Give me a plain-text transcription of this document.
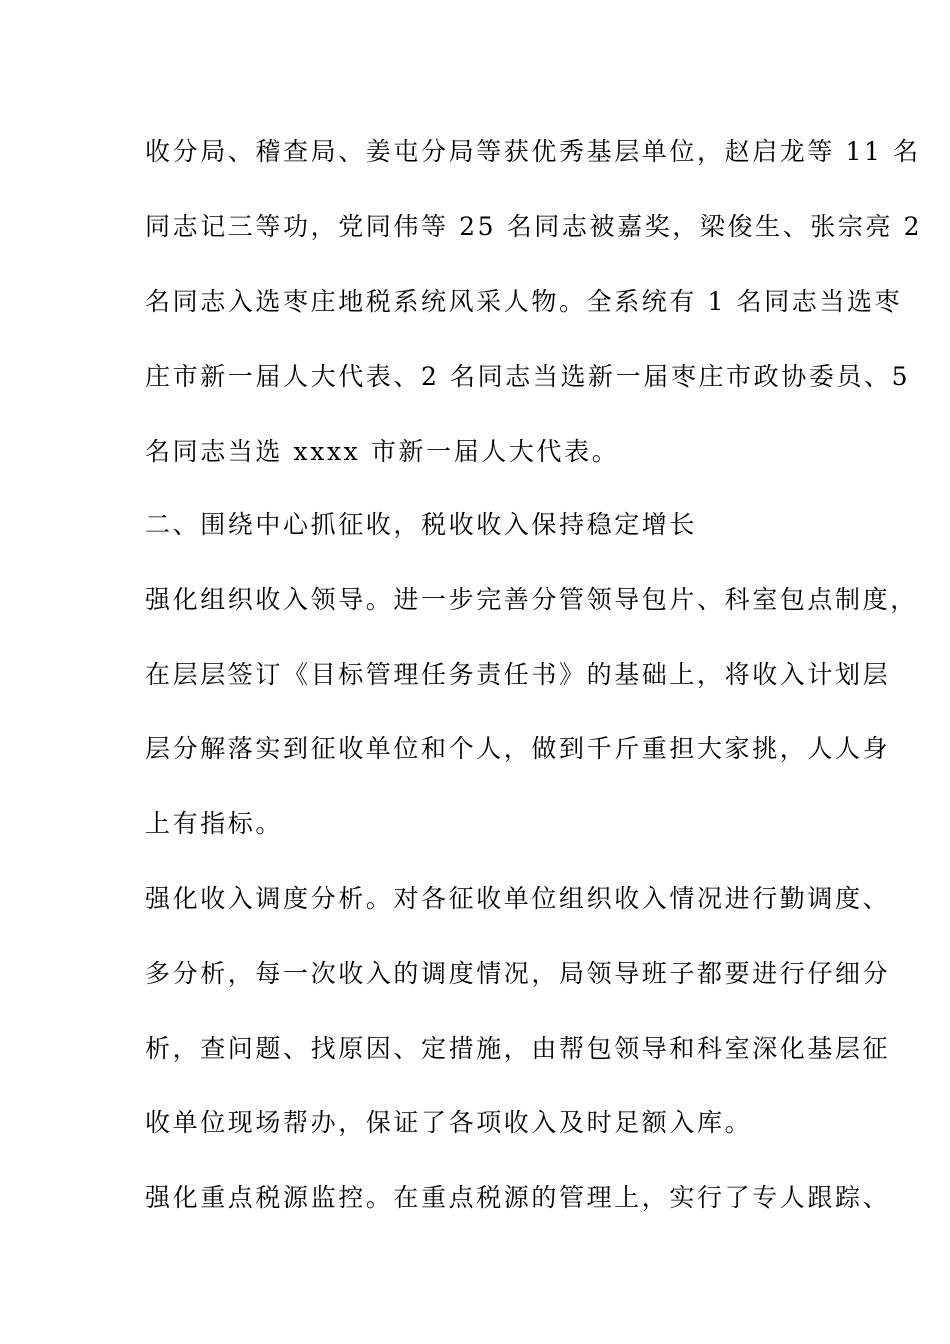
收分局、稽查局、姜屯分局等获优秀基层单位，赵启龙等 11 名
同志记三等功，党同伟等 25 名同志被嘉奖，梁俊生、张宗亮 2
名同志入选枣庄地税系统风采人物。全系统有 1 名同志当选枣
庄市新一届人大代表、2 名同志当选新一届枣庄市政协委员、5
名同志当选 xxxx 市新一届人大代表。
二、围绕中心抓征收，税收收入保持稳定增长
强化组织收入领导。进一步完善分管领导包片、科室包点制度，
在层层签订《目标管理任务责任书》的基础上，将收入计划层
层分解落实到征收单位和个人，做到千斤重担大家挑，人人身
上有指标。
强化收入调度分析。对各征收单位组织收入情况进行勤调度、
多分析，每一次收入的调度情况，局领导班子都要进行仔细分
析，查问题、找原因、定措施，由帮包领导和科室深化基层征
收单位现场帮办，保证了各项收入及时足额入库。
强化重点税源监控。在重点税源的管理上，实行了专人跟踪、
